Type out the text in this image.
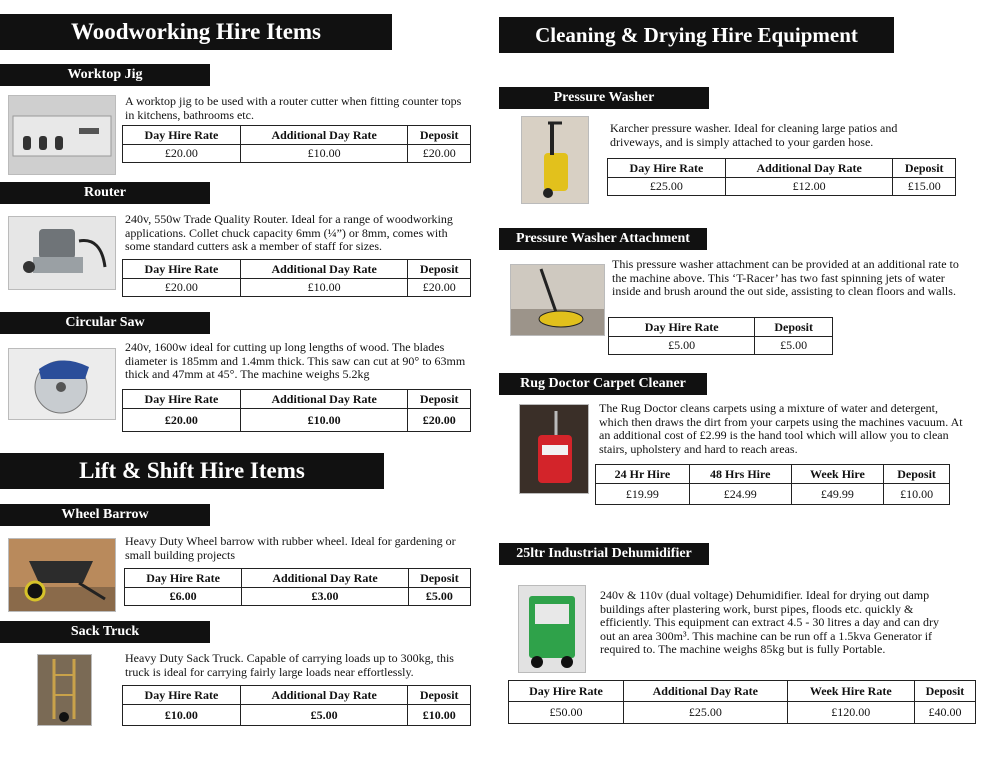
Woodworking Hire Items
Worktop Jig
A worktop jig to be used with a router cutter when fitting counter tops in kitchens, bathrooms etc.
Day Hire Rate	Additional Day Rate	Deposit
£20.00	£10.00	£20.00
Router
240v, 550w Trade Quality Router. Ideal for a range of woodworking applications. Collet chuck capacity 6mm (¼”) or 8mm, comes with some standard cutters ask a member of staff for sizes.
Day Hire Rate	Additional Day Rate	Deposit
£20.00	£10.00	£20.00
Circular Saw
240v, 1600w ideal for cutting up long lengths of wood. The blades diameter is 185mm and 1.4mm thick. This saw can cut at 90° to 63mm thick and 47mm at 45°. The machine weighs 5.2kg
Day Hire Rate	Additional Day Rate	Deposit
£20.00	£10.00	£20.00
Lift & Shift Hire Items
Wheel Barrow
Heavy Duty Wheel barrow with rubber wheel. Ideal for gardening or small building projects
Day Hire Rate	Additional Day Rate	Deposit
£6.00	£3.00	£5.00
Sack Truck
Heavy Duty Sack Truck. Capable of carrying loads up to 300kg, this truck is ideal for carrying fairly large loads near effortlessly.
Day Hire Rate	Additional Day Rate	Deposit
£10.00	£5.00	£10.00
Cleaning & Drying Hire Equipment
Pressure Washer
Karcher pressure washer. Ideal for cleaning large patios and driveways, and is simply attached to your garden hose.
Day Hire Rate	Additional Day Rate	Deposit
£25.00	£12.00	£15.00
Pressure Washer Attachment
This pressure washer attachment can be provided at an additional rate to the machine above. This ‘T-Racer’ has two fast spinning jets of water inside and brush around the out side, assisting to clean floors and walls.
Day Hire Rate	Deposit
£5.00	£5.00
Rug Doctor Carpet Cleaner
The Rug Doctor cleans carpets using a mixture of water and detergent, which then draws the dirt from your carpets using the machines vacuum. At an additional cost of £2.99 is the hand tool which will allow you to clean stairs, upholstery and hard to reach areas.
24 Hr Hire	48 Hrs Hire	Week Hire	Deposit
£19.99	£24.99	£49.99	£10.00
25ltr Industrial Dehumidifier
240v & 110v (dual voltage) Dehumidifier. Ideal for drying out damp buildings after plastering work, burst pipes, floods etc. quickly & efficiently. This equipment can extract 4.5 - 30 litres a day and can dry out an area 300m³. This machine can be run off a 1.5kva Generator if required to. The machine weighs 85kg but is fully Portable.
Day Hire Rate	Additional Day Rate	Week Hire Rate	Deposit
£50.00	£25.00	£120.00	£40.00
